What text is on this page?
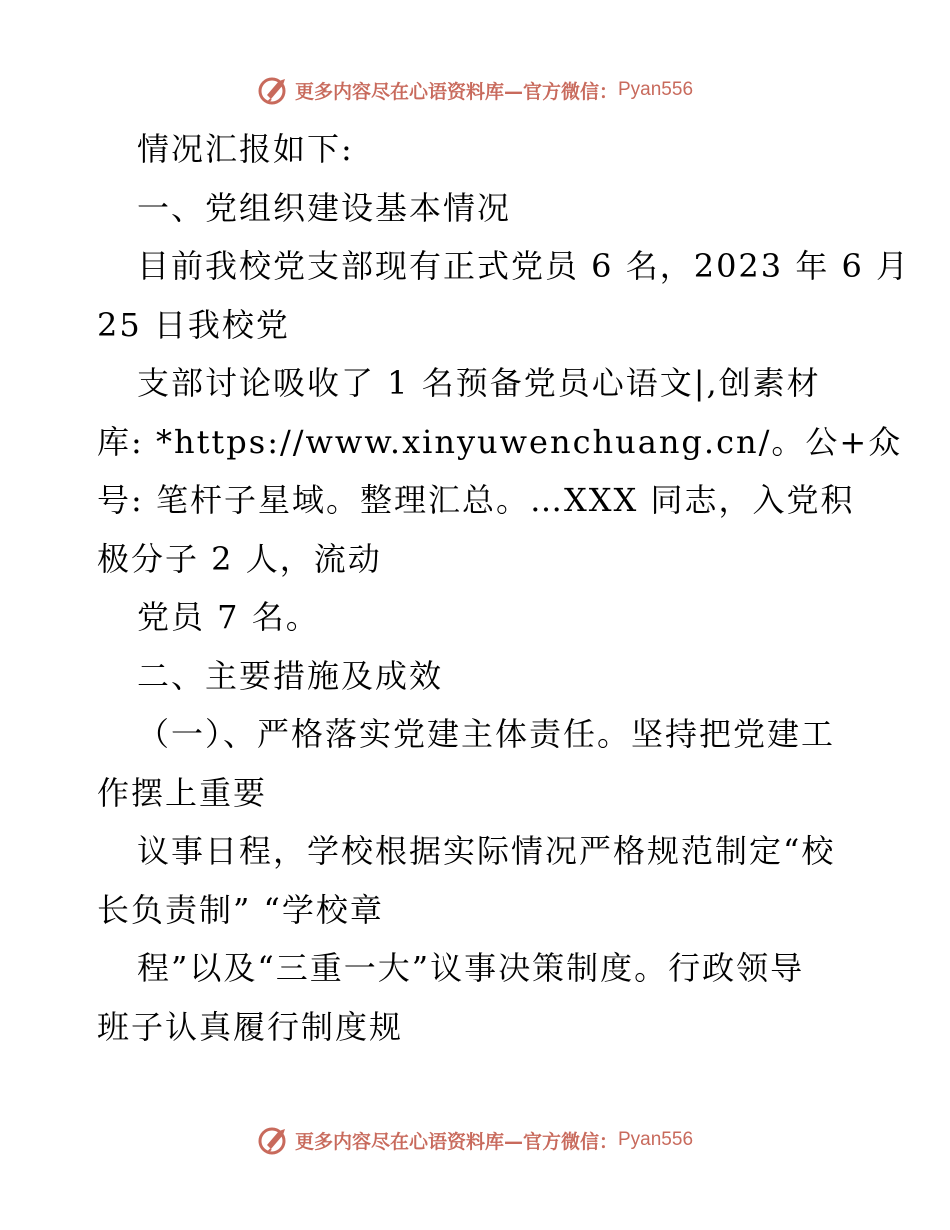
更多内容尽在心语资料库—官方微信： Pyan556
情况汇报如下:
一、党组织建设基本情况
目前我校党支部现有正式党员 6 名，2023 年 6 月
25 日我校党
支部讨论吸收了 1 名预备党员心语文|,创素材
库: *https://www.xinyuwenchuang.cn/。公+众
号: 笔杆子星域。整理汇总。…XXX 同志，入党积
极分子 2 人，流动
党员 7 名。
二、主要措施及成效
（一）、严格落实党建主体责任。坚持把党建工
作摆上重要
议事日程，学校根据实际情况严格规范制定“校
长负责制” “学校章
程”以及“三重一大”议事决策制度。行政领导
班子认真履行制度规
更多内容尽在心语资料库—官方微信： Pyan556
